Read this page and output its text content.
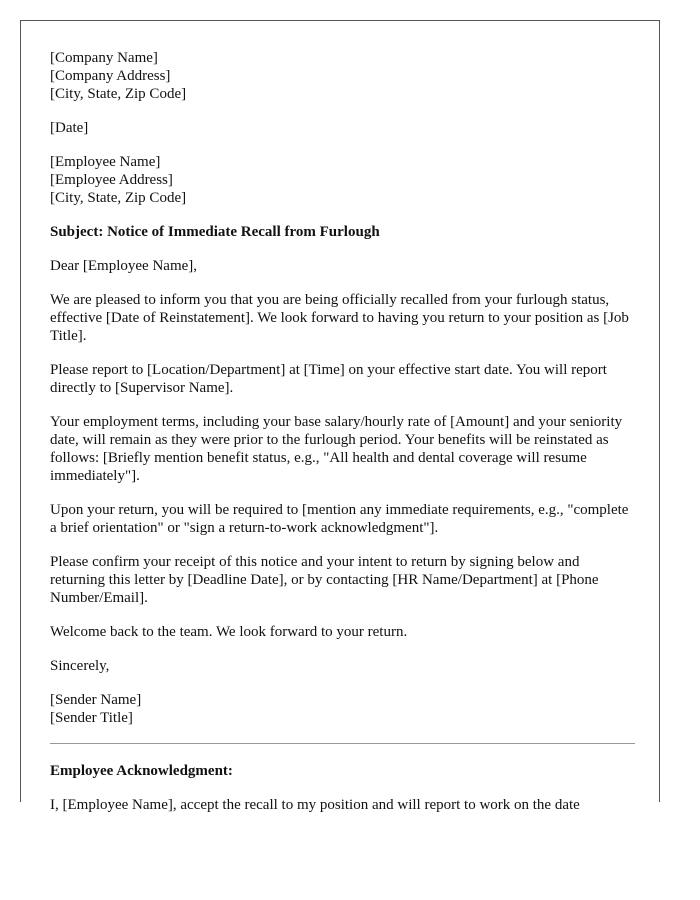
[Company Name]
[Company Address]
[City, State, Zip Code]
[Date]
[Employee Name]
[Employee Address]
[City, State, Zip Code]

Subject: Notice of Immediate Recall from Furlough

Dear [Employee Name],

We are pleased to inform you that you are being officially recalled from your furlough status, effective [Date of Reinstatement]. We look forward to having you return to your position as [Job Title].

Please report to [Location/Department] at [Time] on your effective start date. You will report directly to [Supervisor Name].

Your employment terms, including your base salary/hourly rate of [Amount] and your seniority date, will remain as they were prior to the furlough period. Your benefits will be reinstated as follows: [Briefly mention benefit status, e.g., "All health and dental coverage will resume immediately"].

Upon your return, you will be required to [mention any immediate requirements, e.g., "complete a brief orientation" or "sign a return-to-work acknowledgment"].

Please confirm your receipt of this notice and your intent to return by signing below and returning this letter by [Deadline Date], or by contacting [HR Name/Department] at [Phone Number/Email].

Welcome back to the team. We look forward to your return.

Sincerely,

[Sender Name]
[Sender Title]

Employee Acknowledgment:

I, [Employee Name], accept the recall to my position and will report to work on the date
